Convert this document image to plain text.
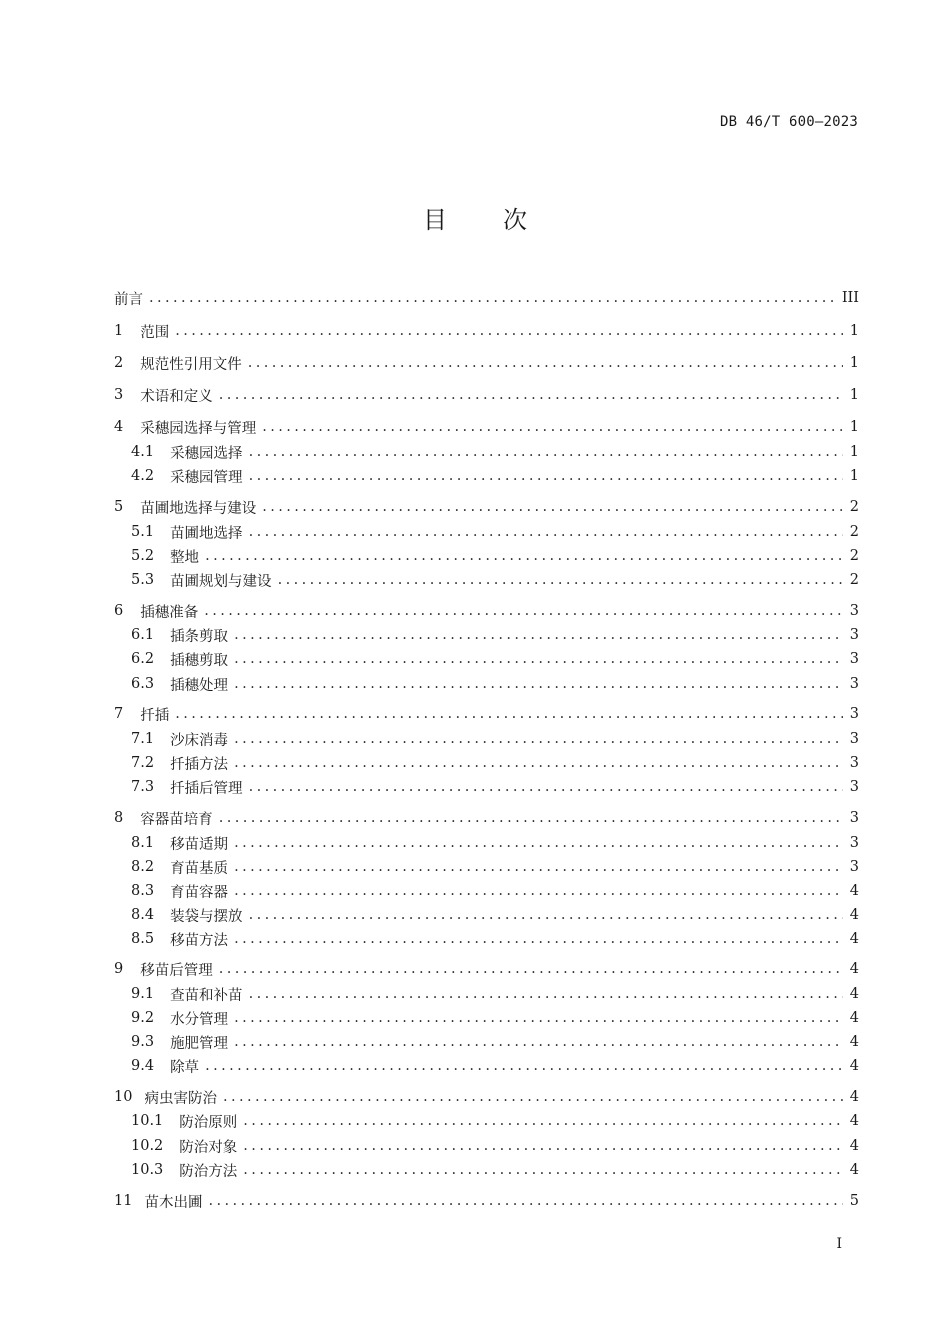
DB 46/T 600—2023
目次
前言 .....	III
1 范围 .....	1
2 规范性引用文件 .....	1
3 术语和定义 .....	1
4 采穗园选择与管理 .....	1
4.1 采穗园选择 .....	1
4.2 采穗园管理 .....	1
5 苗圃地选择与建设 .....	2
5.1 苗圃地选择 .....	2
5.2 整地 .....	2
5.3 苗圃规划与建设 .....	2
6 插穗准备 .....	3
6.1 插条剪取 .....	3
6.2 插穗剪取 .....	3
6.3 插穗处理 .....	3
7 扦插 .....	3
7.1 沙床消毒 .....	3
7.2 扦插方法 .....	3
7.3 扦插后管理 .....	3
8 容器苗培育 .....	3
8.1 移苗适期 .....	3
8.2 育苗基质 .....	3
8.3 育苗容器 .....	4
8.4 装袋与摆放 .....	4
8.5 移苗方法 .....	4
9 移苗后管理 .....	4
9.1 查苗和补苗 .....	4
9.2 水分管理 .....	4
9.3 施肥管理 .....	4
9.4 除草 .....	4
10 病虫害防治 .....	4
10.1 防治原则 .....	4
10.2 防治对象 .....	4
10.3 防治方法 .....	4
11 苗木出圃 .....	5
I
